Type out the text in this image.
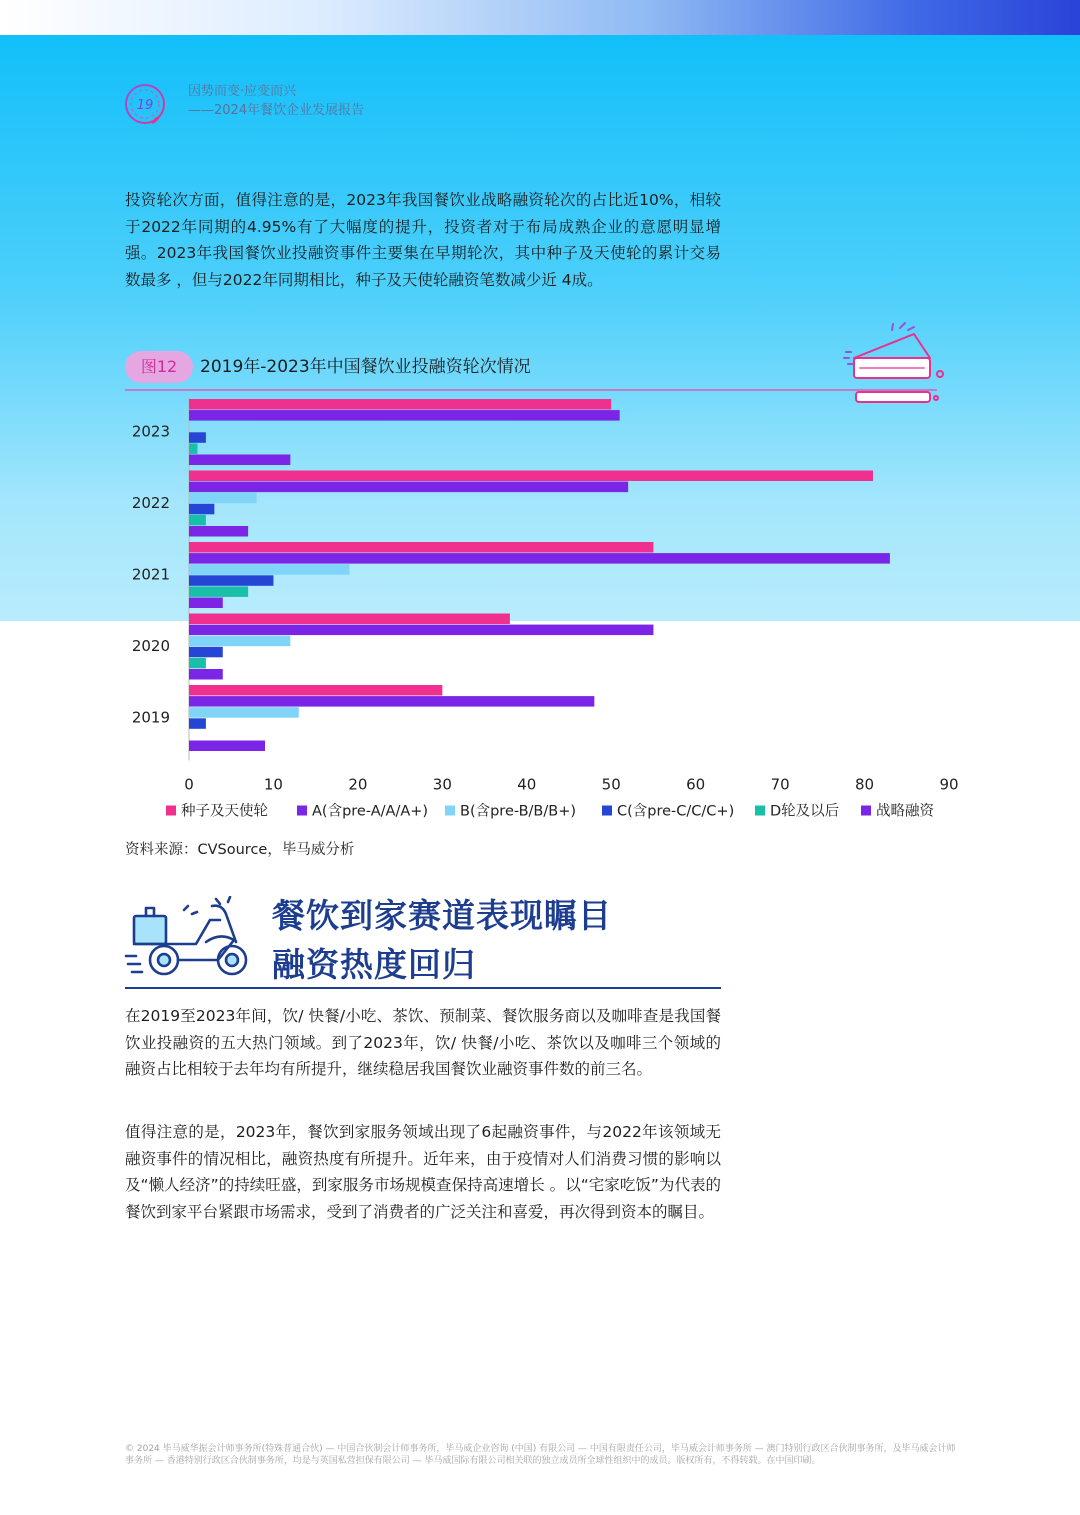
19
因势而变·应变而兴
——2024年餐饮企业发展报告

投资轮次方面，值得注意的是，2023年我国餐饮业战略融资轮次的占比近10%，相较于2022年同期的4.95%有了大幅度的提升，投资者对于布局成熟企业的意愿明显增强。2023年我国餐饮业投融资事件主要集在早期轮次，其中种子及天使轮的累计交易数最多 ，但与2022年同期相比，种子及天使轮融资笔数减少近 4成。

图12	2019年-2023年中国餐饮业投融资轮次情况
2023
2022
2021
2020
2019
0	10	20	30	40	50	60	70	80	90
种子及天使轮	A(含pre-A/A/A+) B(含pre-B/B/B+)	C(含pre-C/C/C+) D轮及以后	战略融资
资料来源：CVSource，毕马威分析
餐饮到家赛道表现瞩目
融资热度回归

在2019至2023年间，饮/ 快餐/小吃、茶饮、预制菜、餐饮服务商以及咖啡查是我国餐饮业投融资的五大热门领域。到了2023年，饮/ 快餐/小吃、茶饮以及咖啡三个领域的融资占比相较于去年均有所提升，继续稳居我国餐饮业融资事件数的前三名。

值得注意的是，2023年，餐饮到家服务领域出现了6起融资事件，与2022年该领域无融资事件的情况相比，融资热度有所提升。近年来，由于疫情对人们消费习惯的影响以及“懒人经济”的持续旺盛，到家服务市场规模查保持高速增长 。以“宅家吃饭”为代表的餐饮到家平台紧跟市场需求，受到了消费者的广泛关注和喜爱，再次得到资本的瞩目。

© 2024 毕马威华振会计师事务所(特殊普通合伙) — 中国合伙制会计师事务所，毕马威企业咨询 (中国) 有限公司 — 中国有限责任公司，毕马威会计师事务所 — 澳门特别行政区合伙制事务所，及毕马威会计师事务所 — 香港特别行政区合伙制事务所，均是与英国私营担保有限公司 — 毕马威国际有限公司相关联的独立成员所全球性组织中的成员。版权所有，不得转载。在中国印刷。
